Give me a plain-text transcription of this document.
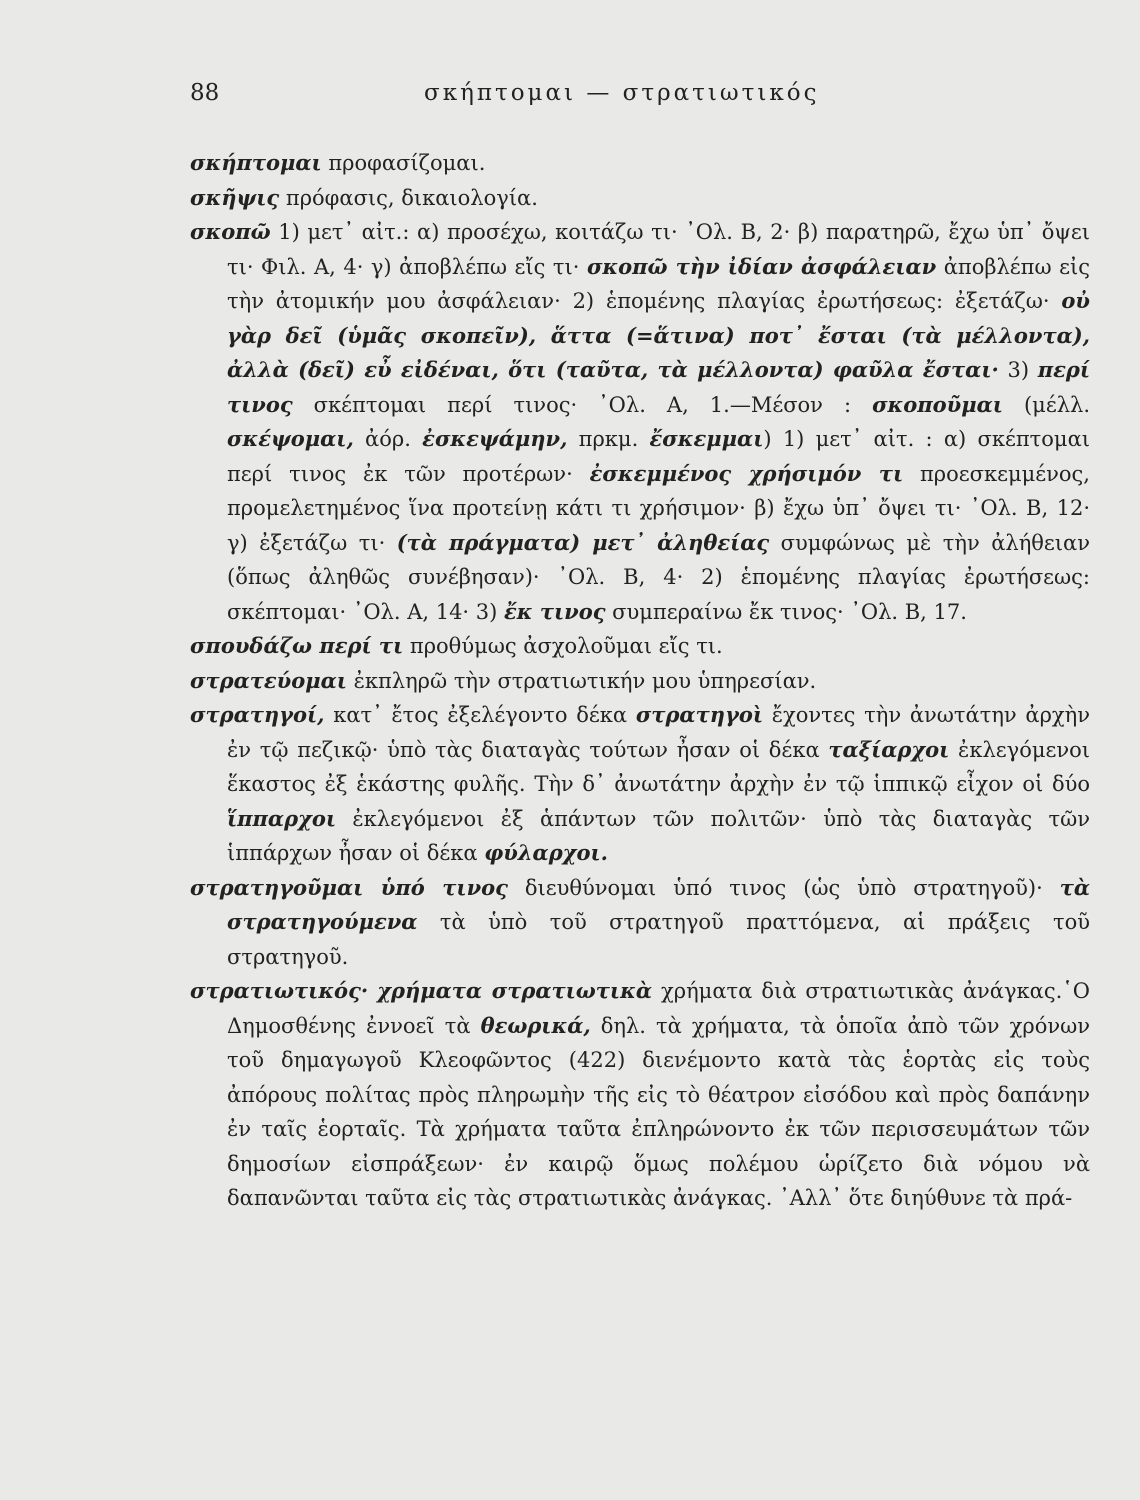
88	σκήπτομαι — στρατιωτικός

σκήπτομαι προφασίζομαι.

σκῆψις πρόφασις, δικαιολογία.

σκοπῶ 1) μετ᾽ αἰτ.: α) προσέχω, κοιτάζω τι· ᾽Ολ. Β, 2· β) παρατηρῶ, ἔχω ὑπ᾽ ὄψει τι· Φιλ. Α, 4· γ) ἀποβλέπω εἴς τι· σκοπῶ τὴν ἰδίαν ἀσφάλειαν ἀποβλέπω εἰς τὴν ἀτομικήν μου ἀσφάλειαν· 2) ἑπομένης πλαγίας ἐρωτήσεως: ἐξετάζω· οὐ γὰρ δεῖ (ὑμᾶς σκοπεῖν), ἅττα (=ἅτινα) ποτ᾽ ἔσται (τὰ μέλλοντα), ἀλλὰ (δεῖ) εὖ εἰδέναι, ὅτι (ταῦτα, τὰ μέλλοντα) φαῦλα ἔσται· 3) περί τινος σκέπτομαι περί τινος· ᾽Ολ. Α, 1.—Μέσον : σκοποῦμαι (μέλλ. σκέψομαι, ἀόρ. ἐσκεψάμην, πρκμ. ἔσκεμμαι) 1) μετ᾽ αἰτ. : α) σκέπτομαι περί τινος ἐκ τῶν προτέρων· ἐσκεμμένος χρήσιμόν τι προεσκεμμένος, προμελετημένος ἵνα προτείνῃ κάτι τι χρήσιμον· β) ἔχω ὑπ᾽ ὄψει τι· ᾽Ολ. Β, 12· γ) ἐξετάζω τι· (τὰ πράγματα) μετ᾽ ἀληθείας συμφώνως μὲ τὴν ἀλήθειαν (ὅπως ἀληθῶς συνέβησαν)· ᾽Ολ. Β, 4· 2) ἑπομένης πλαγίας ἐρωτήσεως: σκέπτομαι· ᾽Ολ. Α, 14· 3) ἔκ τινος συμπεραίνω ἔκ τινος· ᾽Ολ. Β, 17.

σπουδάζω περί τι προθύμως ἀσχολοῦμαι εἴς τι.

στρατεύομαι ἐκπληρῶ τὴν στρατιωτικήν μου ὑπηρεσίαν.

στρατηγοί, κατ᾽ ἔτος ἐξελέγοντο δέκα στρατηγοὶ ἔχοντες τὴν ἀνωτάτην ἀρχὴν ἐν τῷ πεζικῷ· ὑπὸ τὰς διαταγὰς τούτων ἦσαν οἱ δέκα ταξίαρχοι ἐκλεγόμενοι ἕκαστος ἐξ ἑκάστης φυλῆς. Τὴν δ᾽ ἀνωτάτην ἀρχὴν ἐν τῷ ἱππικῷ εἶχον οἱ δύο ἵππαρχοι ἐκλεγόμενοι ἐξ ἁπάντων τῶν πολιτῶν· ὑπὸ τὰς διαταγὰς τῶν ἱππάρχων ἦσαν οἱ δέκα φύλαρχοι.

στρατηγοῦμαι ὑπό τινος διευθύνομαι ὑπό τινος (ὡς ὑπὸ στρατηγοῦ)· τὰ στρατηγούμενα τὰ ὑπὸ τοῦ στρατηγοῦ πραττόμενα, αἱ πράξεις τοῦ στρατηγοῦ.

στρατιωτικός· χρήματα στρατιωτικὰ χρήματα διὰ στρατιωτικὰς ἀνάγκας.῾Ο Δημοσθένης ἐννοεῖ τὰ θεωρικά, δηλ. τὰ χρήματα, τὰ ὁποῖα ἀπὸ τῶν χρόνων τοῦ δημαγωγοῦ Κλεοφῶντος (422) διενέμοντο κατὰ τὰς ἑορτὰς εἰς τοὺς ἀπόρους πολίτας πρὸς πληρωμὴν τῆς εἰς τὸ θέατρον εἰσόδου καὶ πρὸς δαπάνην ἐν ταῖς ἑορταῖς. Τὰ χρήματα ταῦτα ἐπληρώνοντο ἐκ τῶν περισσευμάτων τῶν δημοσίων εἰσπράξεων· ἐν καιρῷ ὅμως πολέμου ὡρίζετο διὰ νόμου νὰ δαπανῶνται ταῦτα εἰς τὰς στρατιωτικὰς ἀνάγκας. ᾽Αλλ᾽ ὅτε διηύθυνε τὰ πρά-
